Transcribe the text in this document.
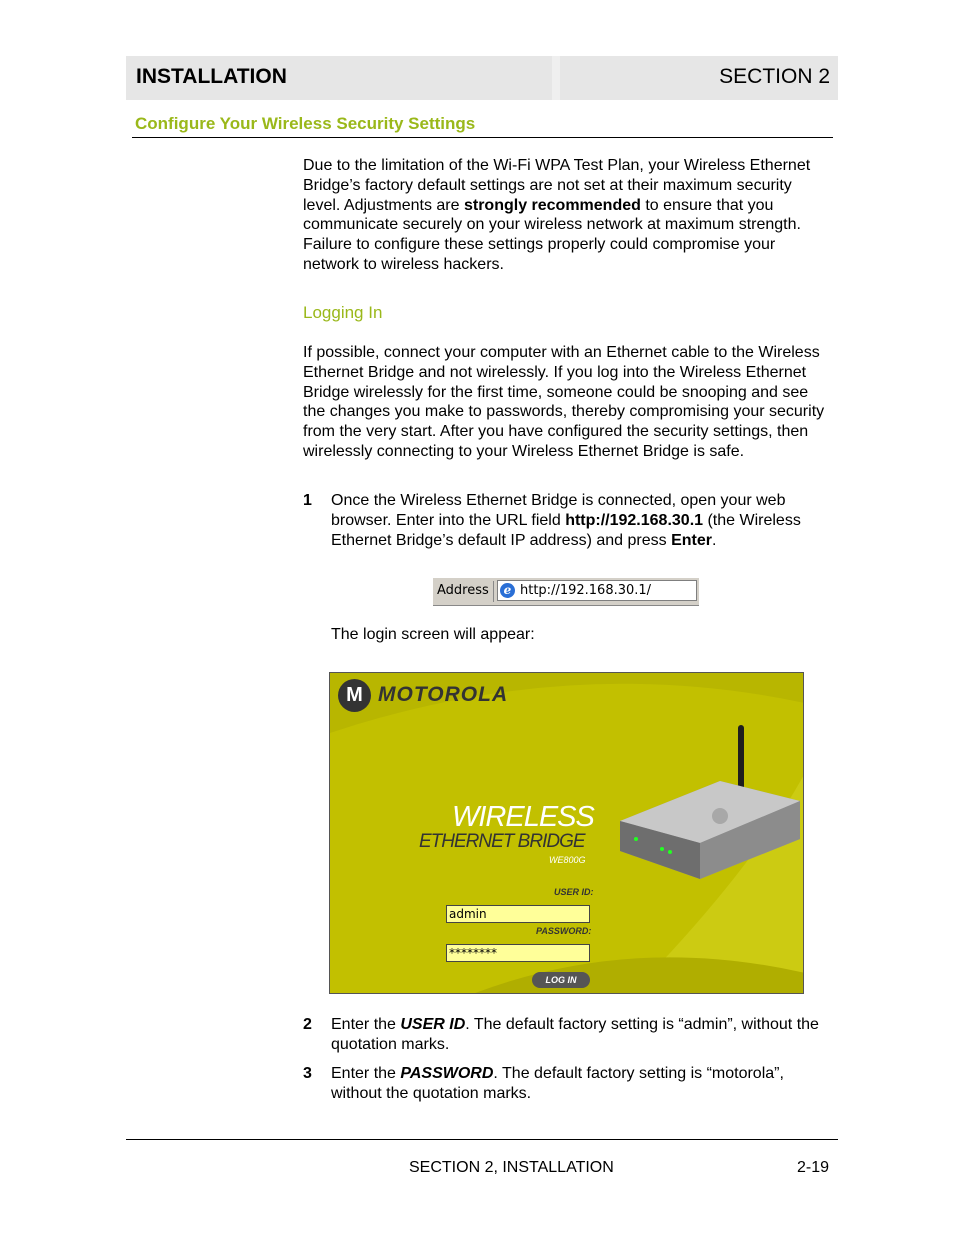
INSTALLATION	SECTION 2
Configure Your Wireless Security Settings
Due to the limitation of the Wi-Fi WPA Test Plan, your Wireless Ethernet Bridge’s factory default settings are not set at their maximum security level. Adjustments are strongly recommended to ensure that you communicate securely on your wireless network at maximum strength. Failure to configure these settings properly could compromise your network to wireless hackers.
Logging In
If possible, connect your computer with an Ethernet cable to the Wireless Ethernet Bridge and not wirelessly. If you log into the Wireless Ethernet Bridge wirelessly for the first time, someone could be snooping and see the changes you make to passwords, thereby compromising your security from the very start. After you have configured the security settings, then wirelessly connecting to your Wireless Ethernet Bridge is safe.
1 Once the Wireless Ethernet Bridge is connected, open your web browser. Enter into the URL field http://192.168.30.1 (the Wireless Ethernet Bridge’s default IP address) and press Enter.
Address	e http://192.168.30.1/
The login screen will appear:
M MOTOROLA
WIRELESS
ETHERNET BRIDGE
WE800G
USER ID:
admin
PASSWORD:
********
LOG IN
2 Enter the USER ID. The default factory setting is “admin”, without the quotation marks.
3 Enter the PASSWORD. The default factory setting is “motorola”, without the quotation marks.
SECTION 2, INSTALLATION	2-19
